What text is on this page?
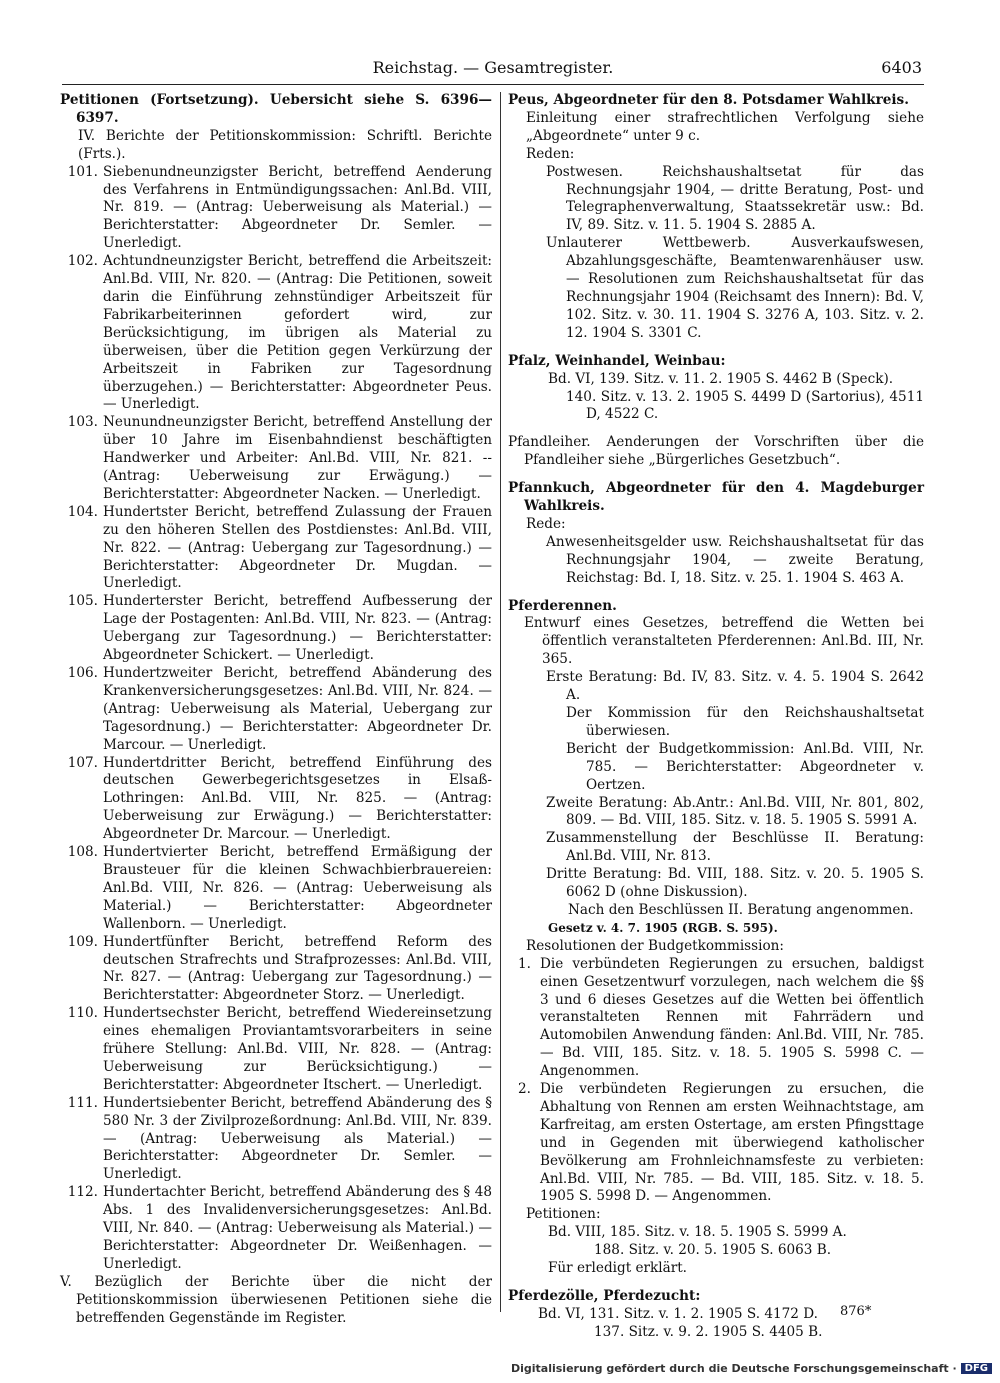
Reichstag. — Gesamtregister.	6403

Petitionen (Fortsetzung). Uebersicht siehe S. 6396—6397.

IV. Berichte der Petitionskommission: Schriftl. Berichte (Frts.).

101. Siebenundneunzigster Bericht, betreffend Aenderung des Verfahrens in Entmündigungssachen: Anl.Bd. VIII, Nr. 819. — (Antrag: Ueberweisung als Material.) — Berichterstatter: Abgeordneter Dr. Semler. — Unerledigt.
102. Achtundneunzigster Bericht, betreffend die Arbeitszeit: Anl.Bd. VIII, Nr. 820. — (Antrag: Die Petitionen, soweit darin die Einführung zehnstündiger Arbeitszeit für Fabrikarbeiterinnen gefordert wird, zur Berücksichtigung, im übrigen als Material zu überweisen, über die Petition gegen Verkürzung der Arbeitszeit in Fabriken zur Tagesordnung überzugehen.) — Berichterstatter: Abgeordneter Peus. — Unerledigt.
103. Neunundneunzigster Bericht, betreffend Anstellung der über 10 Jahre im Eisenbahndienst beschäftigten Handwerker und Arbeiter: Anl.Bd. VIII, Nr. 821. -- (Antrag: Ueberweisung zur Erwägung.) — Berichterstatter: Abgeordneter Nacken. — Unerledigt.
104. Hundertster Bericht, betreffend Zulassung der Frauen zu den höheren Stellen des Postdienstes: Anl.Bd. VIII, Nr. 822. — (Antrag: Uebergang zur Tagesordnung.) — Berichterstatter: Abgeordneter Dr. Mugdan. — Unerledigt.
105. Hunderterster Bericht, betreffend Aufbesserung der Lage der Postagenten: Anl.Bd. VIII, Nr. 823. — (Antrag: Uebergang zur Tagesordnung.) — Berichterstatter: Abgeordneter Schickert. — Unerledigt.
106. Hundertzweiter Bericht, betreffend Abänderung des Krankenversicherungsgesetzes: Anl.Bd. VIII, Nr. 824. — (Antrag: Ueberweisung als Material, Uebergang zur Tagesordnung.) — Berichterstatter: Abgeordneter Dr. Marcour. — Unerledigt.
107. Hundertdritter Bericht, betreffend Einführung des deutschen Gewerbegerichtsgesetzes in Elsaß-Lothringen: Anl.Bd. VIII, Nr. 825. — (Antrag: Ueberweisung zur Erwägung.) — Berichterstatter: Abgeordneter Dr. Marcour. — Unerledigt.
108. Hundertvierter Bericht, betreffend Ermäßigung der Brausteuer für die kleinen Schwachbierbrauereien: Anl.Bd. VIII, Nr. 826. — (Antrag: Ueberweisung als Material.) — Berichterstatter: Abgeordneter Wallenborn. — Unerledigt.
109. Hundertfünfter Bericht, betreffend Reform des deutschen Strafrechts und Strafprozesses: Anl.Bd. VIII, Nr. 827. — (Antrag: Uebergang zur Tagesordnung.) — Berichterstatter: Abgeordneter Storz. — Unerledigt.
110. Hundertsechster Bericht, betreffend Wiedereinsetzung eines ehemaligen Proviantamtsvorarbeiters in seine frühere Stellung: Anl.Bd. VIII, Nr. 828. — (Antrag: Ueberweisung zur Berücksichtigung.) — Berichterstatter: Abgeordneter Itschert. — Unerledigt.
111. Hundertsiebenter Bericht, betreffend Abänderung des § 580 Nr. 3 der Zivilprozeßordnung: Anl.Bd. VIII, Nr. 839. — (Antrag: Ueberweisung als Material.) — Berichterstatter: Abgeordneter Dr. Semler. — Unerledigt.
112. Hundertachter Bericht, betreffend Abänderung des § 48 Abs. 1 des Invalidenversicherungsgesetzes: Anl.Bd. VIII, Nr. 840. — (Antrag: Ueberweisung als Material.) — Berichterstatter: Abgeordneter Dr. Weißenhagen. — Unerledigt.

V. Bezüglich der Berichte über die nicht der Petitionskommission überwiesenen Petitionen siehe die betreffenden Gegenstände im Register.

Peus, Abgeordneter für den 8. Potsdamer Wahlkreis.

Einleitung einer strafrechtlichen Verfolgung siehe „Abgeordnete“ unter 9 c.

Reden:

Postwesen. Reichshaushaltsetat für das Rechnungsjahr 1904, — dritte Beratung, Post- und Telegraphenverwaltung, Staatssekretär usw.: Bd. IV, 89. Sitz. v. 11. 5. 1904 S. 2885 A.

Unlauterer Wettbewerb. Ausverkaufswesen, Abzahlungsgeschäfte, Beamtenwarenhäuser usw. — Resolutionen zum Reichshaushaltsetat für das Rechnungsjahr 1904 (Reichsamt des Innern): Bd. V, 102. Sitz. v. 30. 11. 1904 S. 3276 A, 103. Sitz. v. 2. 12. 1904 S. 3301 C.

Pfalz, Weinhandel, Weinbau:

Bd. VI, 139. Sitz. v. 11. 2. 1905 S. 4462 B (Speck).

140. Sitz. v. 13. 2. 1905 S. 4499 D (Sartorius), 4511 D, 4522 C.

Pfandleiher. Aenderungen der Vorschriften über die Pfandleiher siehe „Bürgerliches Gesetzbuch“.

Pfannkuch, Abgeordneter für den 4. Magdeburger Wahlkreis.

Rede:

Anwesenheitsgelder usw. Reichshaushaltsetat für das Rechnungsjahr 1904, — zweite Beratung, Reichstag: Bd. I, 18. Sitz. v. 25. 1. 1904 S. 463 A.

Pferderennen.

Entwurf eines Gesetzes, betreffend die Wetten bei öffentlich veranstalteten Pferderennen: Anl.Bd. III, Nr. 365.

Erste Beratung: Bd. IV, 83. Sitz. v. 4. 5. 1904 S. 2642 A.

Der Kommission für den Reichshaushaltsetat überwiesen.

Bericht der Budgetkommission: Anl.Bd. VIII, Nr. 785. — Berichterstatter: Abgeordneter v. Oertzen.

Zweite Beratung: Ab.Antr.: Anl.Bd. VIII, Nr. 801, 802, 809. — Bd. VIII, 185. Sitz. v. 18. 5. 1905 S. 5991 A.

Zusammenstellung der Beschlüsse II. Beratung: Anl.Bd. VIII, Nr. 813.

Dritte Beratung: Bd. VIII, 188. Sitz. v. 20. 5. 1905 S. 6062 D (ohne Diskussion).

Nach den Beschlüssen II. Beratung angenommen.

Gesetz v. 4. 7. 1905 (RGB. S. 595).

Resolutionen der Budgetkommission:

1. Die verbündeten Regierungen zu ersuchen, baldigst einen Gesetzentwurf vorzulegen, nach welchem die §§ 3 und 6 dieses Gesetzes auf die Wetten bei öffentlich veranstalteten Rennen mit Fahrrädern und Automobilen Anwendung fänden: Anl.Bd. VIII, Nr. 785. — Bd. VIII, 185. Sitz. v. 18. 5. 1905 S. 5998 C. — Angenommen.
2. Die verbündeten Regierungen zu ersuchen, die Abhaltung von Rennen am ersten Weihnachtstage, am Karfreitag, am ersten Ostertage, am ersten Pfingsttage und in Gegenden mit überwiegend katholischer Bevölkerung am Frohnleichnamsfeste zu verbieten: Anl.Bd. VIII, Nr. 785. — Bd. VIII, 185. Sitz. v. 18. 5. 1905 S. 5998 D. — Angenommen.

Petitionen:

Bd. VIII, 185. Sitz. v. 18. 5. 1905 S. 5999 A.

188. Sitz. v. 20. 5. 1905 S. 6063 B.

Für erledigt erklärt.

Pferdezölle, Pferdezucht:

Bd. VI, 131. Sitz. v. 1. 2. 1905 S. 4172 D.

137. Sitz. v. 9. 2. 1905 S. 4405 B.

876*
Digitalisierung gefördert durch die Deutsche Forschungsgemeinschaft · DFG
